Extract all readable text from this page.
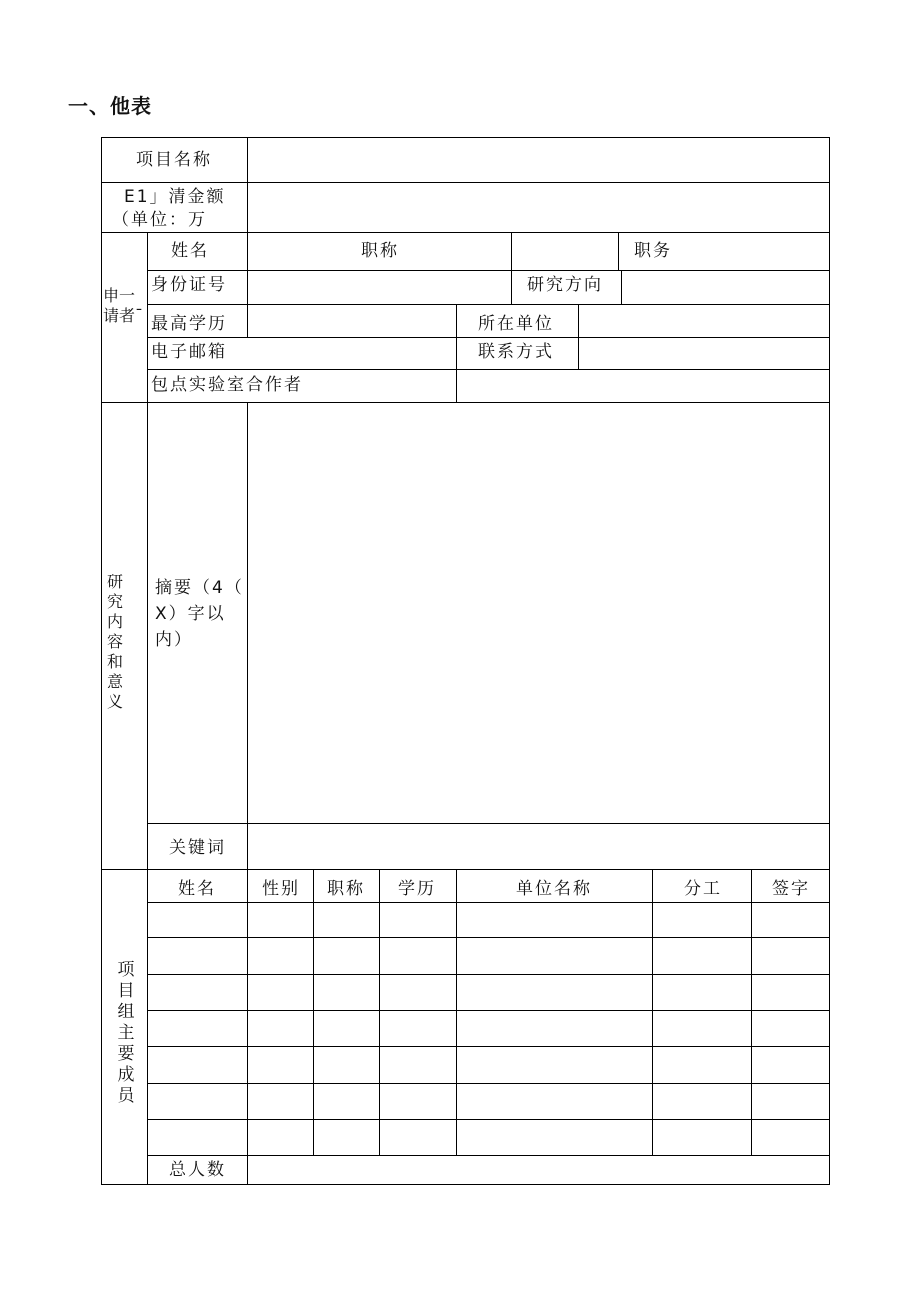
一、他表
项目名称
E1」清金额
（单位：万
申一请者ˉ
姓名	职称	职务
身份证号	研究方向
最高学历	所在单位
电子邮箱	联系方式
包点实验室合作者
研究内容和意义
摘要（4（
X）字以
内）
关键词
项目组主要成员
姓名	性别 职称 学历	单位名称	分工	签字
总人数
